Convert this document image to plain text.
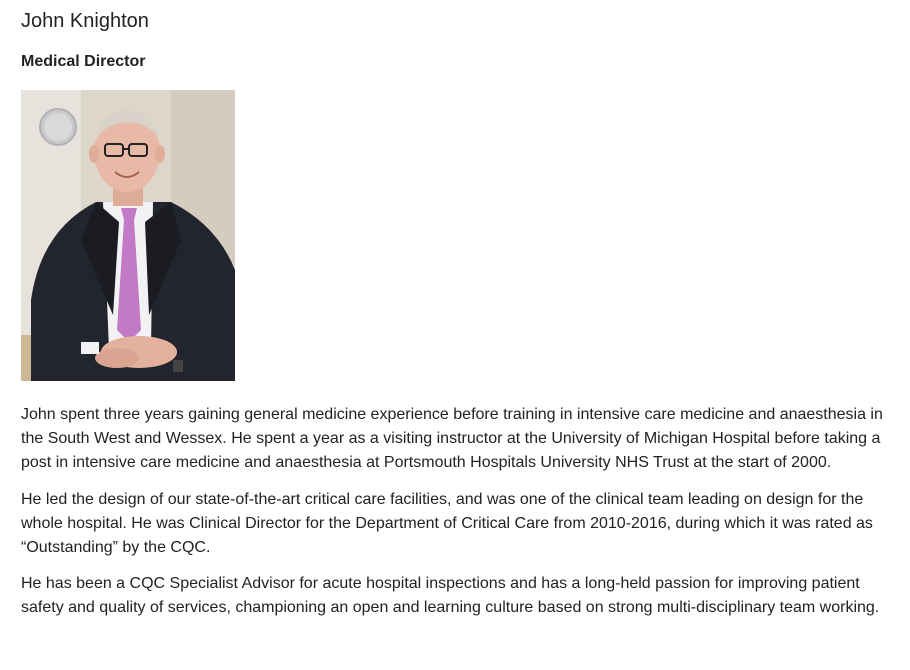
John Knighton
Medical Director

John spent three years gaining general medicine experience before training in intensive care medicine and anaesthesia in the South West and Wessex. He spent a year as a visiting instructor at the University of Michigan Hospital before taking a post in intensive care medicine and anaesthesia at Portsmouth Hospitals University NHS Trust at the start of 2000.

He led the design of our state-of-the-art critical care facilities, and was one of the clinical team leading on design for the whole hospital. He was Clinical Director for the Department of Critical Care from 2010-2016, during which it was rated as “Outstanding” by the CQC.

He has been a CQC Specialist Advisor for acute hospital inspections and has a long-held passion for improving patient safety and quality of services, championing an open and learning culture based on strong multi-disciplinary team working.
